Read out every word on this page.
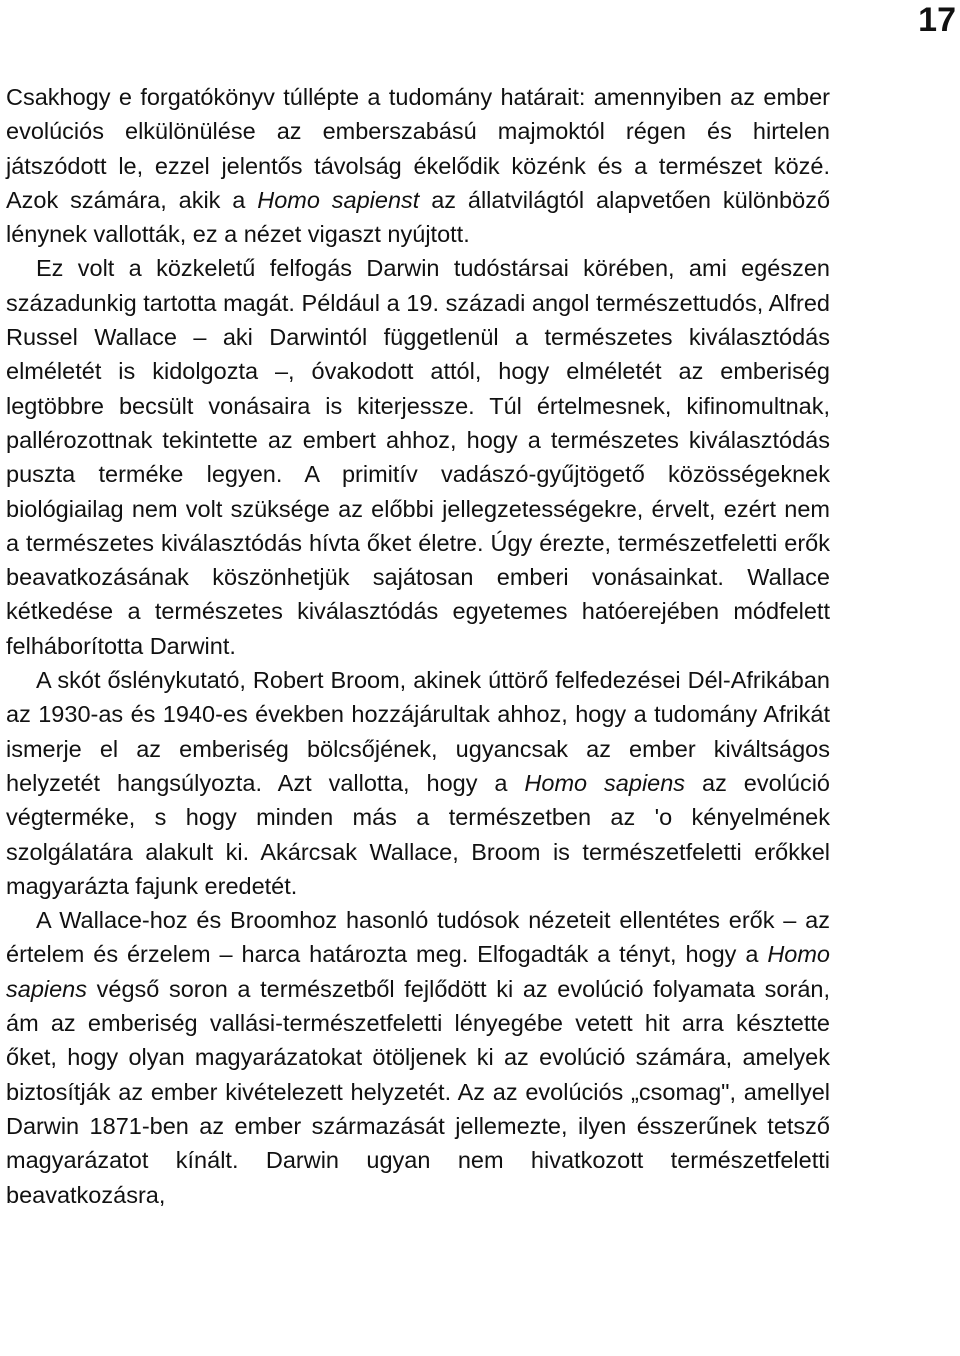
17

Csakhogy e forgatókönyv túllépte a tudomány határait: amennyiben az ember evolúciós elkülönülése az emberszabású majmoktól régen és hirtelen játszódott le, ezzel jelentős távolság ékelődik közénk és a természet közé. Azok számára, akik a Homo sapienst az állatvilágtól alapvetően különböző lénynek vallották, ez a nézet vigaszt nyújtott.

Ez volt a közkeletű felfogás Darwin tudóstársai körében, ami egészen századunkig tartotta magát. Például a 19. századi angol természettudós, Alfred Russel Wallace – aki Darwintól függetlenül a természetes kiválasztódás elméletét is kidolgozta –, óvakodott attól, hogy elméletét az emberiség legtöbbre becsült vonásaira is kiterjessze. Túl értelmesnek, kifinomultnak, pallérozottnak tekintette az embert ahhoz, hogy a természetes kiválasztódás puszta terméke legyen. A primitív vadászó-gyűjtögető közösségeknek biológiailag nem volt szüksége az előbbi jellegzetességekre, érvelt, ezért nem a természetes kiválasztódás hívta őket életre. Úgy érezte, természetfeletti erők beavatkozásának köszönhetjük sajátosan emberi vonásainkat. Wallace kétkedése a természetes kiválasztódás egyetemes hatóerejében módfelett felháborította Darwint.

A skót őslénykutató, Robert Broom, akinek úttörő felfedezései Dél-Afrikában az 1930-as és 1940-es években hozzájárultak ahhoz, hogy a tudomány Afrikát ismerje el az emberiség bölcsőjének, ugyancsak az ember kiváltságos helyzetét hangsúlyozta. Azt vallotta, hogy a Homo sapiens az evolúció végterméke, s hogy minden más a természetben az 'o kényelmének szolgálatára alakult ki. Akárcsak Wallace, Broom is természetfeletti erőkkel magyarázta fajunk eredetét.

A Wallace-hoz és Broomhoz hasonló tudósok nézeteit ellentétes erők – az értelem és érzelem – harca határozta meg. Elfogadták a tényt, hogy a Homo sapiens végső soron a természetből fejlődött ki az evolúció folyamata során, ám az emberiség vallási-természetfeletti lényegébe vetett hit arra késztette őket, hogy olyan magyarázatokat ötöljenek ki az evolúció számára, amelyek biztosítják az ember kivételezett helyzetét. Az az evolúciós „csomag", amellyel Darwin 1871-ben az ember származását jellemezte, ilyen ésszerűnek tetsző magyarázatot kínált. Darwin ugyan nem hivatkozott természetfeletti beavatkozásra,
